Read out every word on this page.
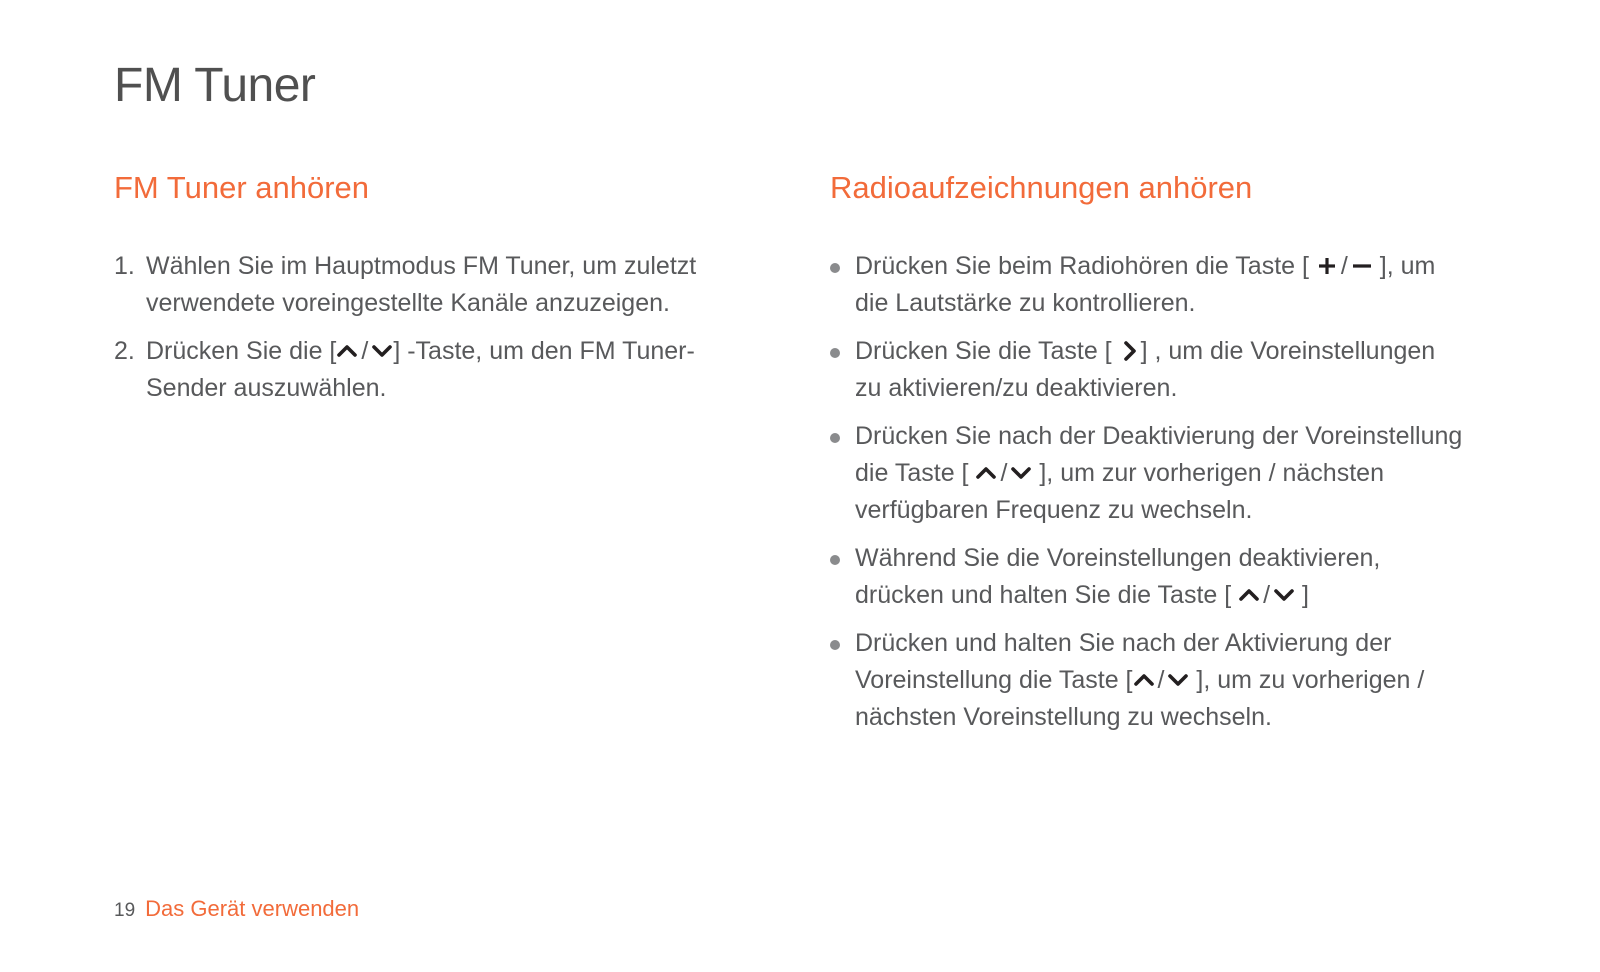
FM Tuner
FM Tuner anhören
1. Wählen Sie im Hauptmodus FM Tuner, um zuletzt
verwendete voreingestellte Kanäle anzuzeigen.
2. Drücken Sie die [ / ] -Taste, um den FM Tuner-
Sender auszuwählen.
Radioaufzeichnungen anhören
Drücken Sie beim Radiohören die Taste [
/
], um
die Lautstärke zu kontrollieren.
Drücken Sie die Taste [
] , um die Voreinstellungen
zu aktivieren/zu deaktivieren.
Drücken Sie nach der Deaktivierung der Voreinstellung
die Taste [
/
], um zur vorherigen / nächsten
verfügbaren Frequenz zu wechseln.
Während Sie die Voreinstellungen deaktivieren,
drücken und halten Sie die Taste [
/
]
Drücken und halten Sie nach der Aktivierung der
Voreinstellung die Taste [ /
], um zu vorherigen /
nächsten Voreinstellung zu wechseln.
19 Das Gerät verwenden
